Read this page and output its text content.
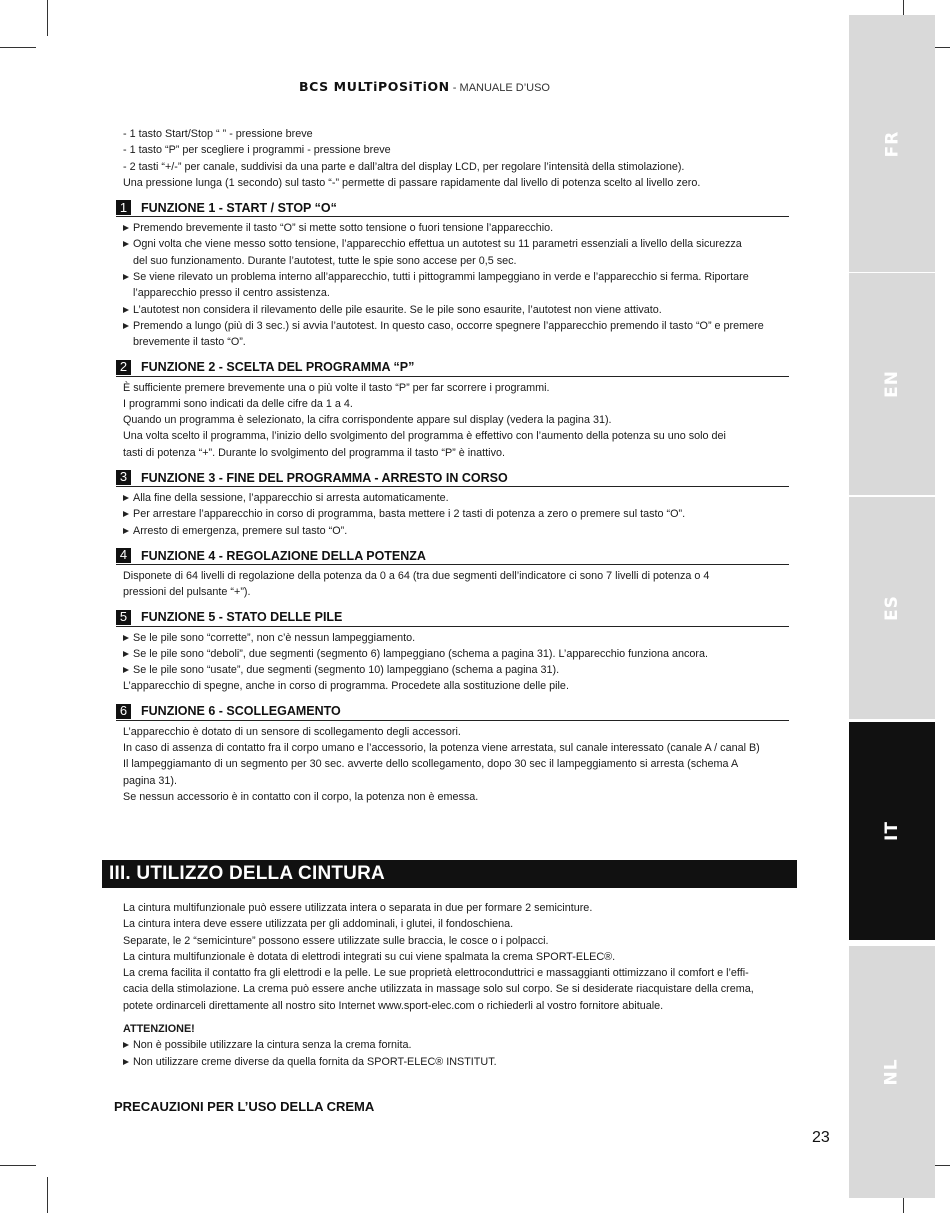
FR
EN
ES
IT
NL
BCS MULTiPOSiTiON - MANUALE D’USO
- 1 tasto Start/Stop “ ” - pressione breve
- 1 tasto “P” per scegliere i programmi - pressione breve
- 2 tasti “+/-” per canale, suddivisi da una parte e dall’altra del display LCD, per regolare l’intensità della stimolazione).
Una pressione lunga (1 secondo) sul tasto “-” permette di passare rapidamente dal livello di potenza scelto al livello zero.
1	FUNZIONE 1 - START / STOP “O“
Premendo brevemente il tasto “O” si mette sotto tensione o fuori tensione l’apparecchio.
Ogni volta che viene messo sotto tensione, l’apparecchio effettua un autotest su 11 parametri essenziali a livello della sicurezza
del suo funzionamento. Durante l’autotest, tutte le spie sono accese per 0,5 sec.
Se viene rilevato un problema interno all’apparecchio, tutti i pittogrammi lampeggiano in verde e l’apparecchio si ferma. Riportare
l’apparecchio presso il centro assistenza.
L’autotest non considera il rilevamento delle pile esaurite. Se le pile sono esaurite, l’autotest non viene attivato.
Premendo a lungo (più di 3 sec.) si avvia l’autotest. In questo caso, occorre spegnere l’apparecchio premendo il tasto “O” e premere
brevemente il tasto “O”.
2	FUNZIONE 2 - SCELTA DEL PROGRAMMA “P”
È sufficiente premere brevemente una o più volte il tasto “P” per far scorrere i programmi.
I programmi sono indicati da delle cifre da 1 a 4.
Quando un programma è selezionato, la cifra corrispondente appare sul display (vedera la pagina 31).
Una volta scelto il programma, l’inizio dello svolgimento del programma è effettivo con l’aumento della potenza su uno solo dei
tasti di potenza “+”. Durante lo svolgimento del programma il tasto “P” è inattivo.
3	FUNZIONE 3 - FINE DEL PROGRAMMA - ARRESTO IN CORSO
Alla fine della sessione, l’apparecchio si arresta automaticamente.
Per arrestare l’apparecchio in corso di programma, basta mettere i 2 tasti di potenza a zero o premere sul tasto “O”.
Arresto di emergenza, premere sul tasto “O”.
4	FUNZIONE 4 - REGOLAZIONE DELLA POTENZA
Disponete di 64 livelli di regolazione della potenza da 0 a 64 (tra due segmenti dell’indicatore ci sono 7 livelli di potenza o 4
pressioni del pulsante “+”).
5	FUNZIONE 5 - STATO DELLE PILE
Se le pile sono “corrette”, non c’è nessun lampeggiamento.
Se le pile sono “deboli”, due segmenti (segmento 6) lampeggiano (schema a pagina 31). L’apparecchio funziona ancora.
Se le pile sono “usate”, due segmenti (segmento 10) lampeggiano (schema a pagina 31).
L’apparecchio di spegne, anche in corso di programma. Procedete alla sostituzione delle pile.
6	FUNZIONE 6 - SCOLLEGAMENTO
L’apparecchio è dotato di un sensore di scollegamento degli accessori.
In caso di assenza di contatto fra il corpo umano e l’accessorio, la potenza viene arrestata, sul canale interessato (canale A / canal B)
Il lampeggiamanto di un segmento per 30 sec. avverte dello scollegamento, dopo 30 sec il lampeggiamento si arresta (schema A
pagina 31).
Se nessun accessorio è in contatto con il corpo, la potenza non è emessa.
III. UTILIZZO DELLA CINTURA
La cintura multifunzionale può essere utilizzata intera o separata in due per formare 2 semicinture.
La cintura intera deve essere utilizzata per gli addominali, i glutei, il fondoschiena.
Separate, le 2 “semicinture” possono essere utilizzate sulle braccia, le cosce o i polpacci.
La cintura multifunzionale è dotata di elettrodi integrati su cui viene spalmata la crema SPORT-ELEC®.
La crema facilita il contatto fra gli elettrodi e la pelle. Le sue proprietà elettroconduttrici e massaggianti ottimizzano il comfort e l’effi-
cacia della stimolazione. La crema può essere anche utilizzata in massage solo sul corpo. Se si desiderate riacquistare della crema,
potete ordinarceli direttamente all nostro sito Internet www.sport-elec.com o richiederli al vostro fornitore abituale.
ATTENZIONE!
Non è possibile utilizzare la cintura senza la crema fornita.
Non utilizzare creme diverse da quella fornita da SPORT-ELEC® INSTITUT.
PRECAUZIONI PER L’USO DELLA CREMA
23
